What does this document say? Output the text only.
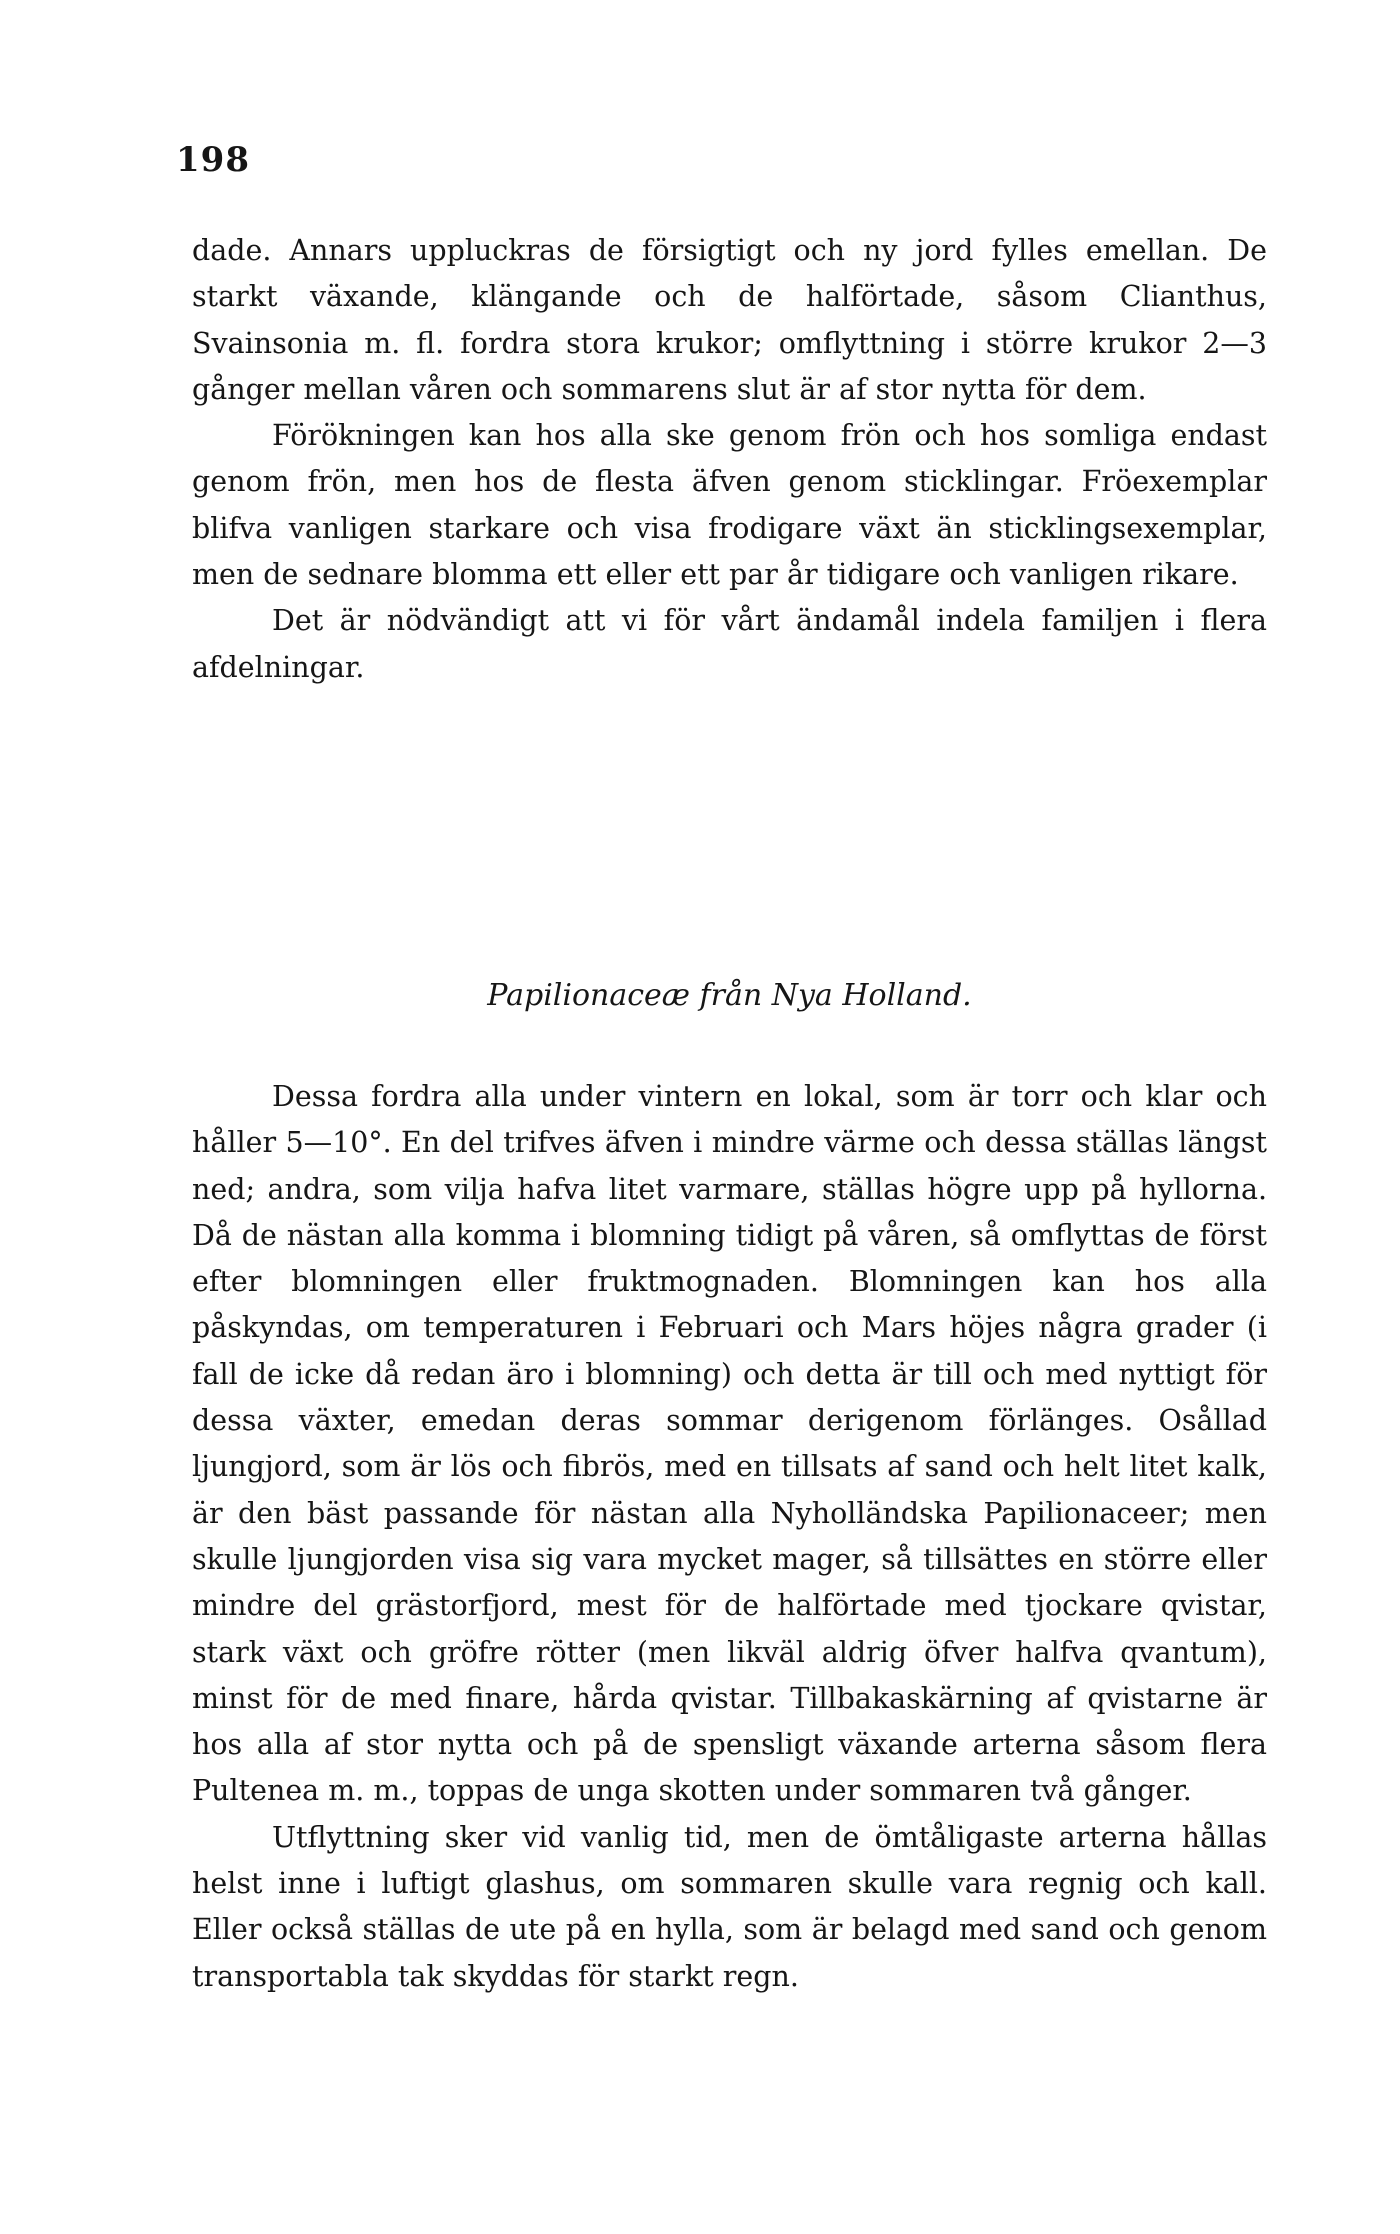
198

dade. Annars uppluckras de försigtigt och ny jord fylles emellan. De starkt växande, klängande och de halförtade, såsom Clianthus, Svainsonia m. fl. fordra stora krukor; omflyttning i större krukor 2—3 gånger mellan våren och sommarens slut är af stor nytta för dem.

Förökningen kan hos alla ske genom frön och hos somliga endast genom frön, men hos de flesta äfven genom sticklingar. Fröexemplar blifva vanligen starkare och visa frodigare växt än sticklingsexemplar, men de sednare blomma ett eller ett par år tidigare och vanligen rikare.

Det är nödvändigt att vi för vårt ändamål indela familjen i flera afdelningar.

Papilionaceæ från Nya Holland.

Dessa fordra alla under vintern en lokal, som är torr och klar och håller 5—10°. En del trifves äfven i mindre värme och dessa ställas längst ned; andra, som vilja hafva litet varmare, ställas högre upp på hyllorna. Då de nästan alla komma i blomning tidigt på våren, så omflyttas de först efter blomningen eller fruktmognaden. Blomningen kan hos alla påskyndas, om temperaturen i Februari och Mars höjes några grader (i fall de icke då redan äro i blomning) och detta är till och med nyttigt för dessa växter, emedan deras sommar derigenom förlänges. Osållad ljungjord, som är lös och fibrös, med en tillsats af sand och helt litet kalk, är den bäst passande för nästan alla Nyholländska Papilionaceer; men skulle ljungjorden visa sig vara mycket mager, så tillsättes en större eller mindre del grästorfjord, mest för de halförtade med tjockare qvistar, stark växt och gröfre rötter (men likväl aldrig öfver halfva qvantum), minst för de med finare, hårda qvistar. Tillbakaskärning af qvistarne är hos alla af stor nytta och på de spensligt växande arterna såsom flera Pultenea m. m., toppas de unga skotten under sommaren två gånger.

Utflyttning sker vid vanlig tid, men de ömtåligaste arterna hållas helst inne i luftigt glashus, om sommaren skulle vara regnig och kall. Eller också ställas de ute på en hylla, som är belagd med sand och genom transportabla tak skyddas för starkt regn.
